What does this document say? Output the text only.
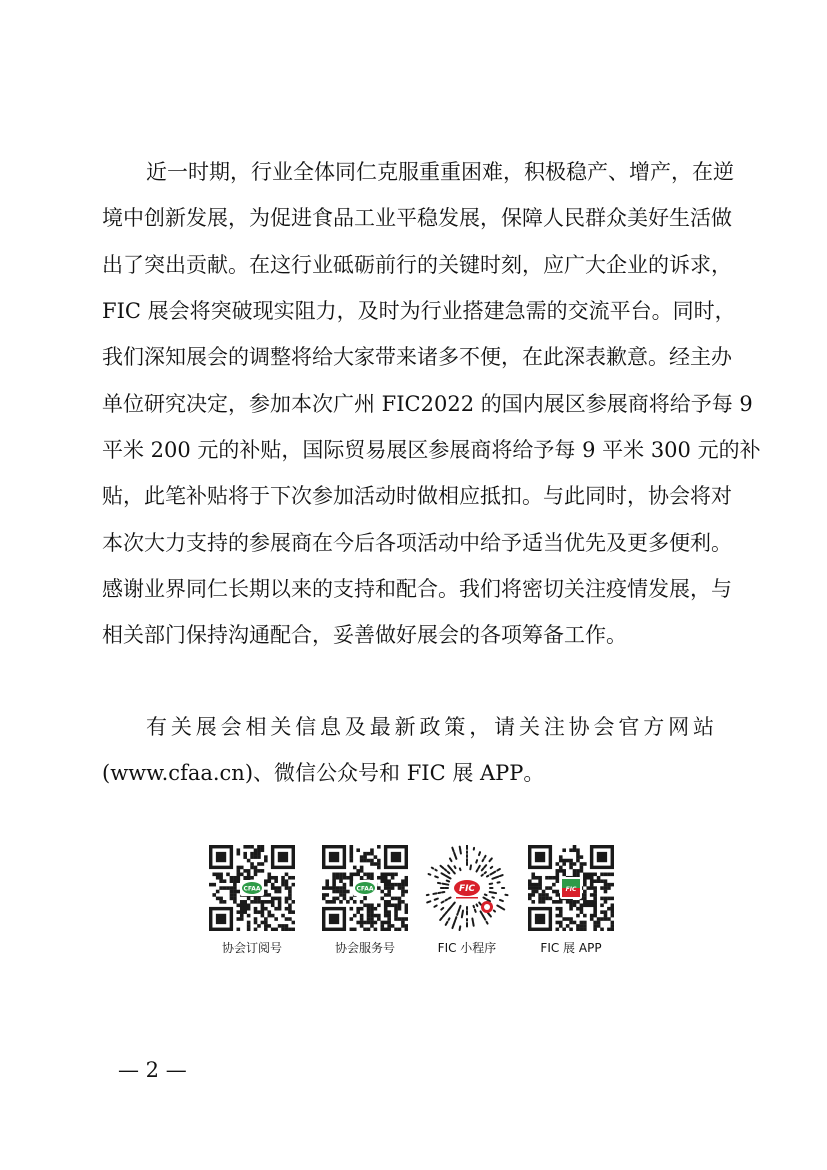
近一时期，行业全体同仁克服重重困难，积极稳产、增产，在逆
境中创新发展，为促进食品工业平稳发展，保障人民群众美好生活做
出了突出贡献。在这行业砥砺前行的关键时刻，应广大企业的诉求，
FIC 展会将突破现实阻力，及时为行业搭建急需的交流平台。同时，
我们深知展会的调整将给大家带来诸多不便，在此深表歉意。经主办
单位研究决定，参加本次广州 FIC2022 的国内展区参展商将给予每 9
平米 200 元的补贴，国际贸易展区参展商将给予每 9 平米 300 元的补
贴，此笔补贴将于下次参加活动时做相应抵扣。与此同时，协会将对
本次大力支持的参展商在今后各项活动中给予适当优先及更多便利。
感谢业界同仁长期以来的支持和配合。我们将密切关注疫情发展，与
相关部门保持沟通配合，妥善做好展会的各项筹备工作。
有关展会相关信息及最新政策，请关注协会官方网站
(www.cfaa.cn)、微信公众号和 FIC 展 APP。
CFAA
协会订阅号
CFAA
协会服务号
FIC
FIC 小程序
FIC
FIC 展 APP
— 2 —
